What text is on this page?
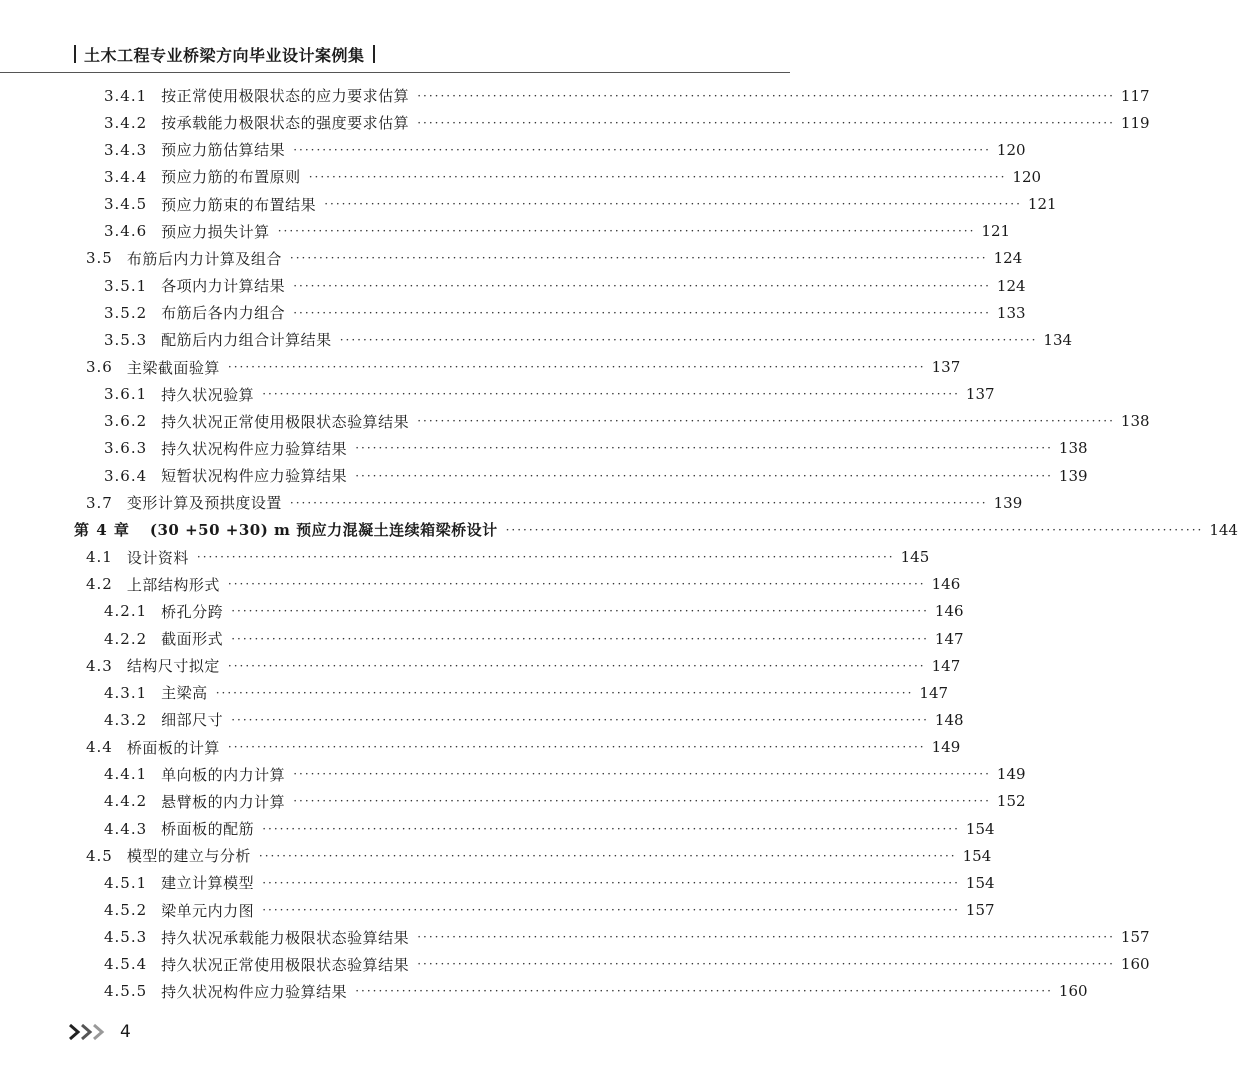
土木工程专业桥梁方向毕业设计案例集
3.4.1 按正常使用极限状态的应力要求估算 ························································································································ 117
3.4.2 按承载能力极限状态的强度要求估算 ························································································································ 119
3.4.3 预应力筋估算结果 ························································································································ 120
3.4.4 预应力筋的布置原则 ························································································································ 120
3.4.5 预应力筋束的布置结果 ························································································································ 121
3.4.6 预应力损失计算 ························································································································ 121
3.5 布筋后内力计算及组合 ························································································································ 124
3.5.1 各项内力计算结果 ························································································································ 124
3.5.2 布筋后各内力组合 ························································································································ 133
3.5.3 配筋后内力组合计算结果 ························································································································ 134
3.6 主梁截面验算 ························································································································ 137
3.6.1 持久状况验算 ························································································································ 137
3.6.2 持久状况正常使用极限状态验算结果 ························································································································ 138
3.6.3 持久状况构件应力验算结果 ························································································································ 138
3.6.4 短暂状况构件应力验算结果 ························································································································ 139
3.7 变形计算及预拱度设置 ························································································································ 139
第 4 章 (30 +50 +30) m 预应力混凝土连续箱梁桥设计 ························································································································ 144
4.1 设计资料 ························································································································ 145
4.2 上部结构形式 ························································································································ 146
4.2.1 桥孔分跨 ························································································································ 146
4.2.2 截面形式 ························································································································ 147
4.3 结构尺寸拟定 ························································································································ 147
4.3.1 主梁高 ························································································································ 147
4.3.2 细部尺寸 ························································································································ 148
4.4 桥面板的计算 ························································································································ 149
4.4.1 单向板的内力计算 ························································································································ 149
4.4.2 悬臂板的内力计算 ························································································································ 152
4.4.3 桥面板的配筋 ························································································································ 154
4.5 模型的建立与分析 ························································································································ 154
4.5.1 建立计算模型 ························································································································ 154
4.5.2 梁单元内力图 ························································································································ 157
4.5.3 持久状况承载能力极限状态验算结果 ························································································································ 157
4.5.4 持久状况正常使用极限状态验算结果 ························································································································ 160
4.5.5 持久状况构件应力验算结果 ························································································································ 160
4
